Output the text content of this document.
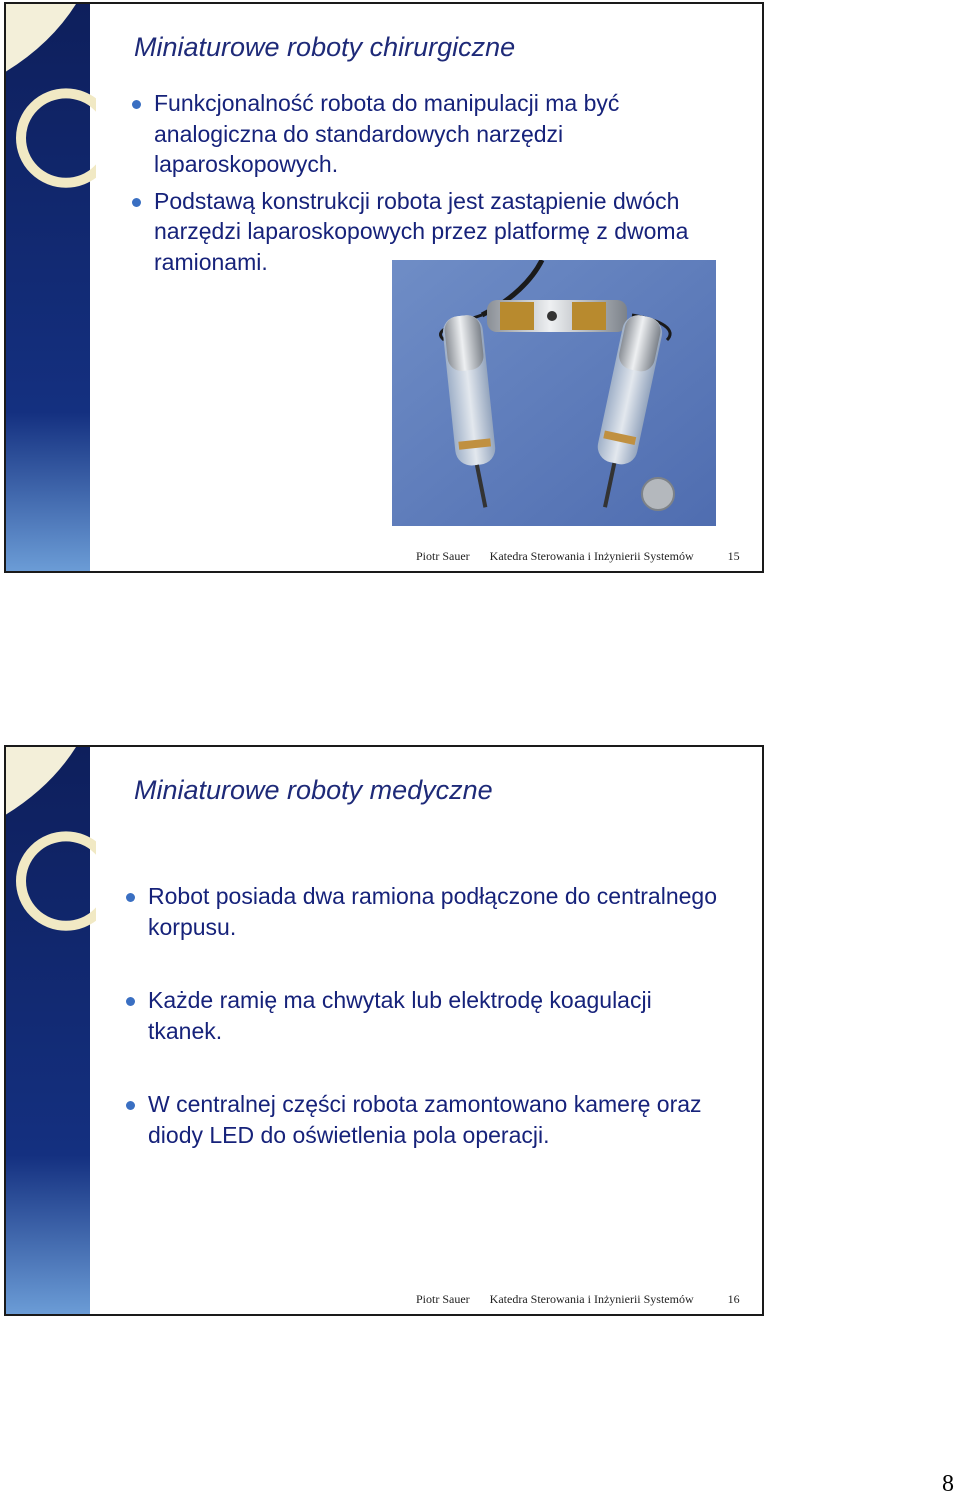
Miniaturowe roboty chirurgiczne
Funkcjonalność robota do manipulacji ma być analogiczna do standardowych narzędzi laparoskopowych.
Podstawą konstrukcji robota jest zastąpienie dwóch narzędzi laparoskopowych przez platformę z dwoma ramionami.
Piotr Sauer Katedra Sterowania i Inżynierii Systemów	15
Miniaturowe roboty medyczne
Robot posiada dwa ramiona podłączone do centralnego korpusu.
Każde ramię ma chwytak lub elektrodę koagulacji tkanek.
W centralnej części robota zamontowano kamerę oraz diody LED do oświetlenia pola operacji.
Piotr Sauer Katedra Sterowania i Inżynierii Systemów	16
8
